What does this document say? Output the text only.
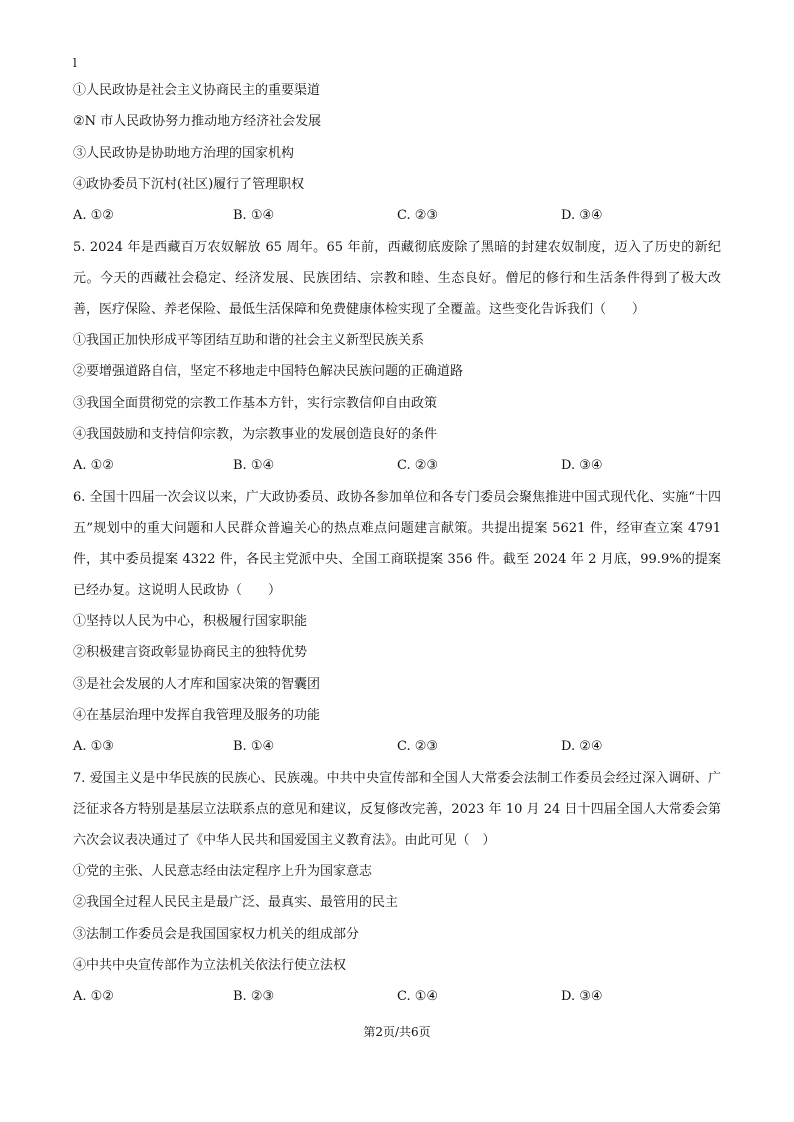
l
①人民政协是社会主义协商民主的重要渠道
②N 市人民政协努力推动地方经济社会发展
③人民政协是协助地方治理的国家机构
④政协委员下沉村(社区)履行了管理职权
A. ①②	B. ①④	C. ②③	D. ③④
5. 2024 年是西藏百万农奴解放 65 周年。65 年前，西藏彻底废除了黑暗的封建农奴制度，迈入了历史的新纪元。今天的西藏社会稳定、经济发展、民族团结、宗教和睦、生态良好。僧尼的修行和生活条件得到了极大改善，医疗保险、养老保险、最低生活保障和免费健康体检实现了全覆盖。这些变化告诉我们（　　）
①我国正加快形成平等团结互助和谐的社会主义新型民族关系
②要增强道路自信，坚定不移地走中国特色解决民族问题的正确道路
③我国全面贯彻党的宗教工作基本方针，实行宗教信仰自由政策
④我国鼓励和支持信仰宗教，为宗教事业的发展创造良好的条件
A. ①②	B. ①④	C. ②③	D. ③④
6. 全国十四届一次会议以来，广大政协委员、政协各参加单位和各专门委员会聚焦推进中国式现代化、实施“十四五”规划中的重大问题和人民群众普遍关心的热点难点问题建言献策。共提出提案 5621 件，经审查立案 4791 件，其中委员提案 4322 件，各民主党派中央、全国工商联提案 356 件。截至 2024 年 2 月底，99.9%的提案已经办复。这说明人民政协（　　）
①坚持以人民为中心，积极履行国家职能
②积极建言资政彰显协商民主的独特优势
③是社会发展的人才库和国家决策的智囊团
④在基层治理中发挥自我管理及服务的功能
A. ①③	B. ①④	C. ②③	D. ②④
7. 爱国主义是中华民族的民族心、民族魂。中共中央宣传部和全国人大常委会法制工作委员会经过深入调研、广泛征求各方特别是基层立法联系点的意见和建议，反复修改完善，2023 年 10 月 24 日十四届全国人大常委会第六次会议表决通过了《中华人民共和国爱国主义教育法》。由此可见（　）
①党的主张、人民意志经由法定程序上升为国家意志
②我国全过程人民民主是最广泛、最真实、最管用的民主
③法制工作委员会是我国国家权力机关的组成部分
④中共中央宣传部作为立法机关依法行使立法权
A. ①②	B. ②③	C. ①④	D. ③④
第2页/共6页
